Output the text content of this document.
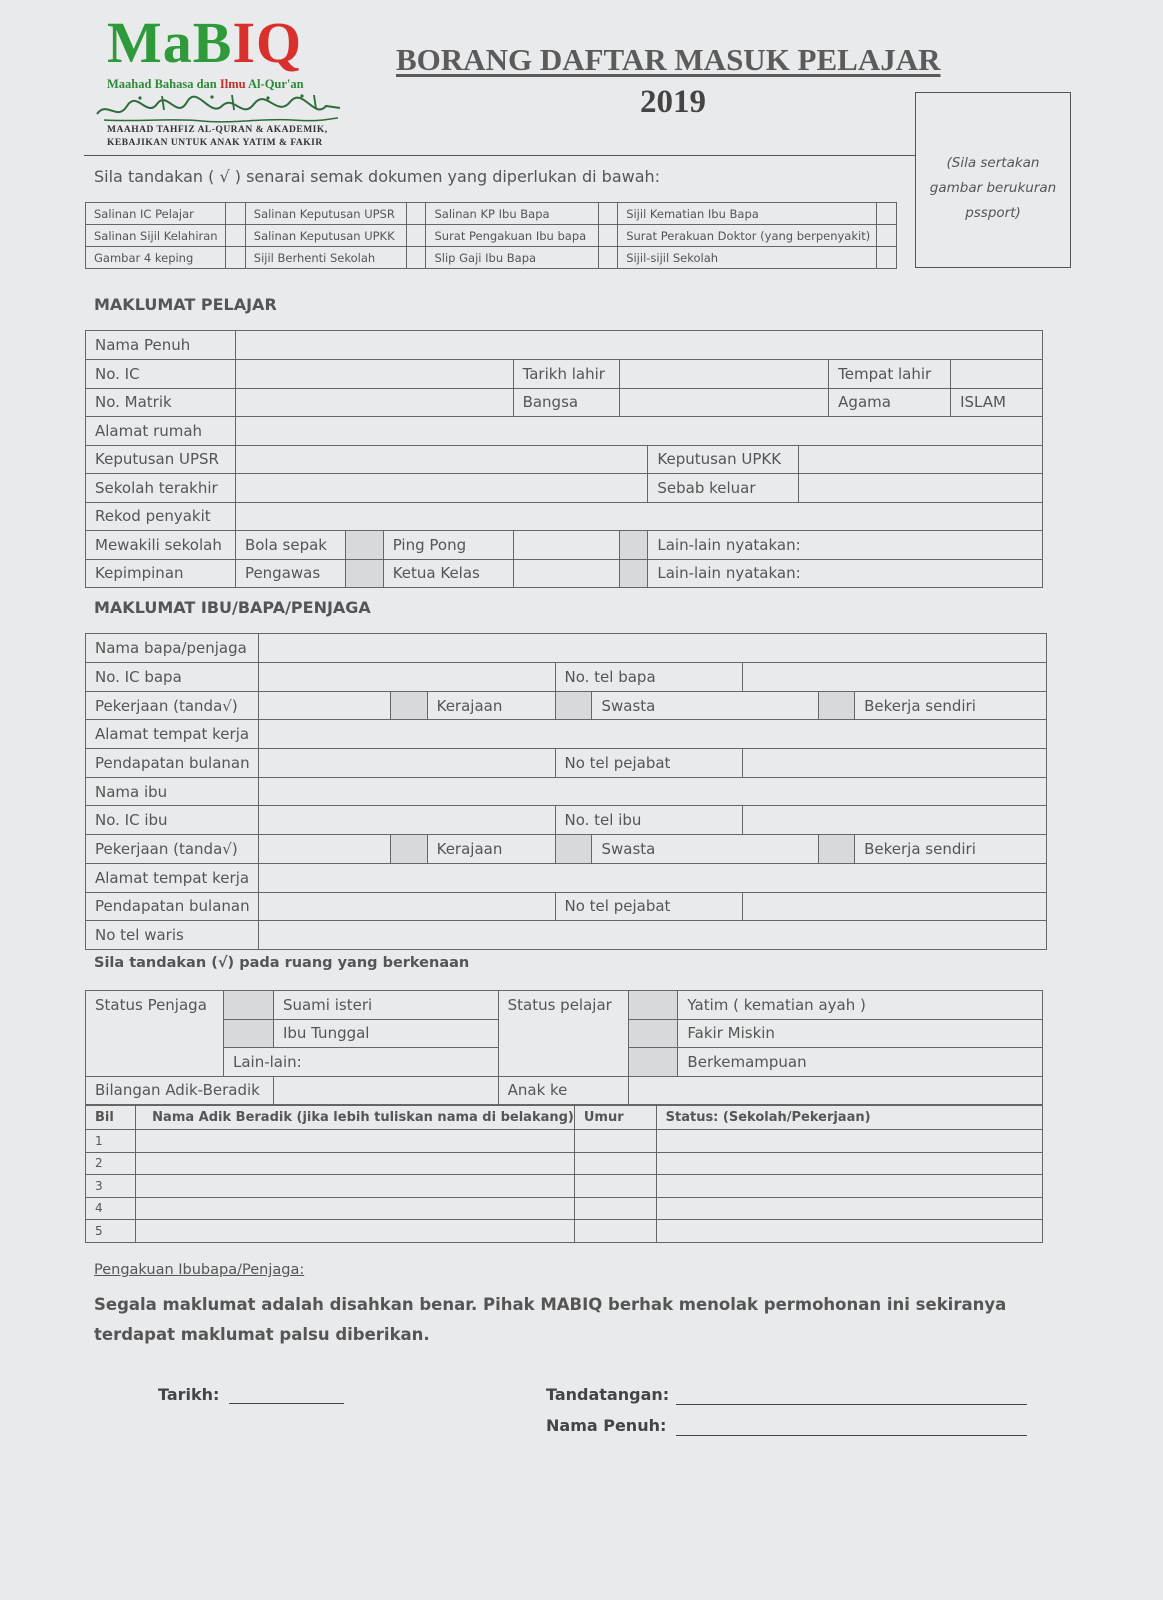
MaBIQ
Maahad Bahasa dan Ilmu Al-Qur'an
MAAHAD TAHFIZ AL-QURAN & AKADEMIK,
KEBAJIKAN UNTUK ANAK YATIM & FAKIR
BORANG DAFTAR MASUK PELAJAR
2019
(Sila sertakan
gambar berukuran
pssport)
Sila tandakan ( √ ) senarai semak dokumen yang diperlukan di bawah:
Salinan IC Pelajar		Salinan Keputusan UPSR		Salinan KP Ibu Bapa		Sijil Kematian Ibu Bapa	
Salinan Sijil Kelahiran		Salinan Keputusan UPKK		Surat Pengakuan Ibu bapa		Surat Perakuan Doktor (yang berpenyakit)	
Gambar 4 keping		Sijil Berhenti Sekolah		Slip Gaji Ibu Bapa		Sijil-sijil Sekolah	
MAKLUMAT PELAJAR
Nama Penuh									
No. IC				Tarikh lahir				Tempat lahir	
No. Matrik				Bangsa				Agama	ISLAM
Alamat rumah									
Keputusan UPSR						Keputusan UPKK			
Sekolah terakhir						Sebab keluar			
Rekod penyakit									
Mewakili sekolah	Bola sepak		Ping Pong			Lain-lain nyatakan:			
Kepimpinan	Pengawas		Ketua Kelas			Lain-lain nyatakan:			
MAKLUMAT IBU/BAPA/PENJAGA
Nama bapa/penjaga								
No. IC bapa				No. tel bapa				
Pekerjaan (tanda√)			Kerajaan		Swasta			Bekerja sendiri
Alamat tempat kerja								
Pendapatan bulanan				No tel pejabat				
Nama ibu								
No. IC ibu				No. tel ibu				
Pekerjaan (tanda√)			Kerajaan		Swasta			Bekerja sendiri
Alamat tempat kerja								
Pendapatan bulanan				No tel pejabat				
No tel waris								
Sila tandakan (√) pada ruang yang berkenaan
Status Penjaga		Suami isteri	Status pelajar		Yatim ( kematian ayah )
		Ibu Tunggal			Fakir Miskin
	Lain-lain:				Berkemampuan
Bilangan Adik-Beradik			Anak ke		
Bil	Nama Adik Beradik (jika lebih tuliskan nama di belakang)	Umur	Status: (Sekolah/Pekerjaan)
1			
2			
3			
4			
5			
Pengakuan Ibubapa/Penjaga:
Segala maklumat adalah disahkan benar. Pihak MABIQ berhak menolak permohonan ini sekiranya terdapat maklumat palsu diberikan.
Tarikh:	Tandatangan:
Nama Penuh:
